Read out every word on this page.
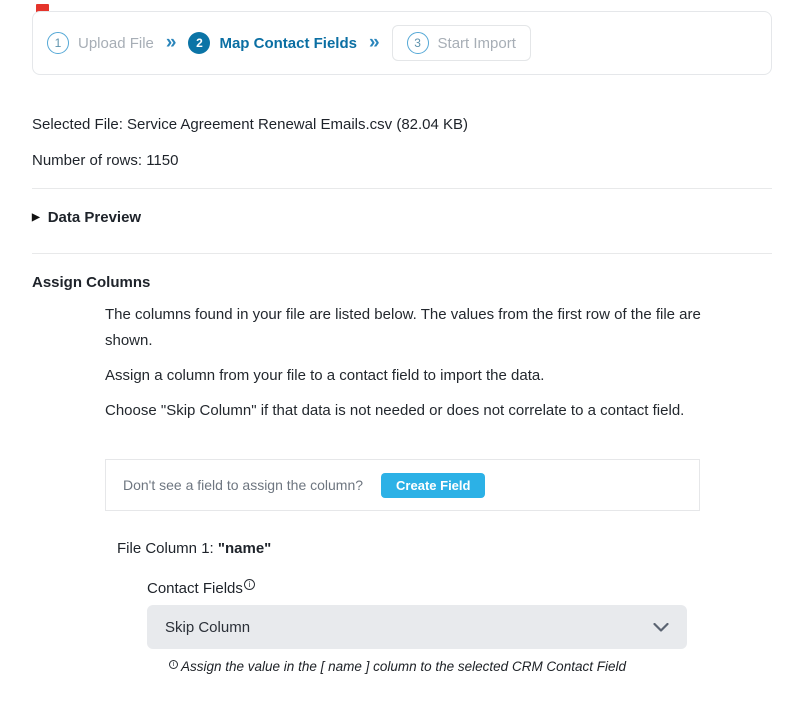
1	Upload File »	2	Map Contact Fields »	3	Start Import
Selected File: Service Agreement Renewal Emails.csv (82.04 KB)
Number of rows: 1150
▶ Data Preview
Assign Columns

The columns found in your file are listed below. The values from the first row of the file are shown.

Assign a column from your file to a contact field to import the data.

Choose "Skip Column" if that data is not needed or does not correlate to a contact field.

Don't see a field to assign the column?	Create Field
File Column 1: "name"
Contact Fields i
Skip Column
i Assign the value in the [ name ] column to the selected CRM Contact Field
